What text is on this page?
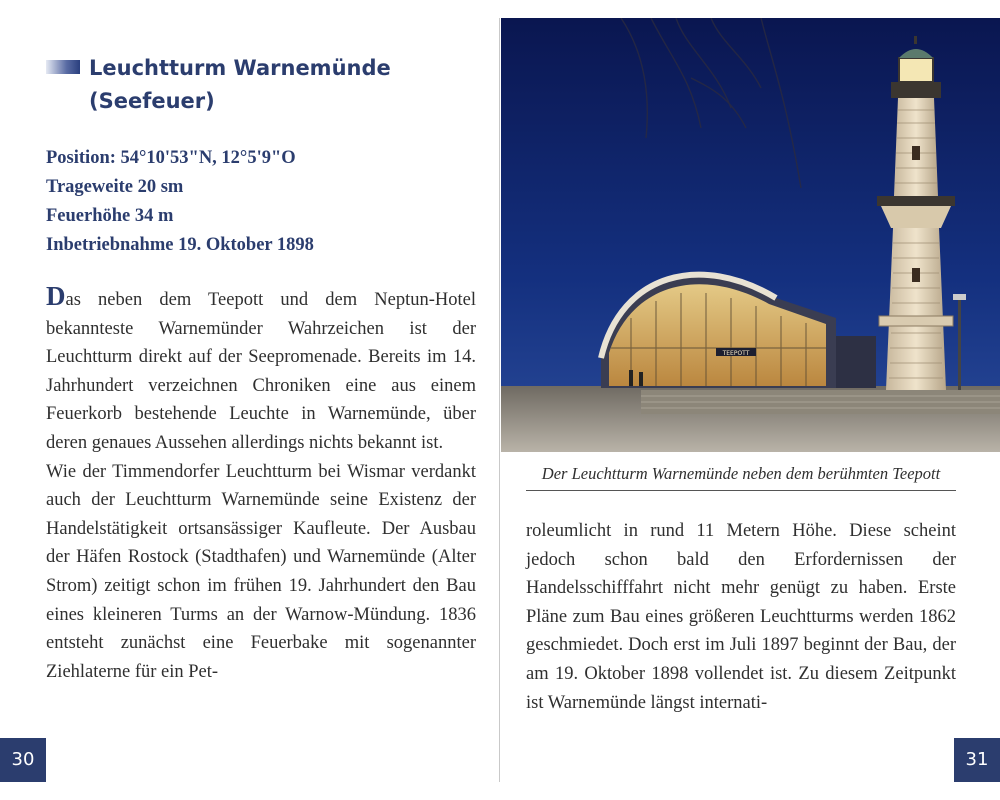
Leuchtturm Warnemünde
(Seefeuer)

Position: 54°10'53"N, 12°5'9"O
Trageweite 20 sm
Feuerhöhe 34 m
Inbetriebnahme 19. Oktober 1898

Das neben dem Teepott und dem Neptun-Hotel bekannteste Warnemünder Wahrzeichen ist der Leuchtturm direkt auf der Seepromenade. Bereits im 14. Jahrhundert verzeichnen Chroniken eine aus einem Feuerkorb bestehende Leuchte in Warnemünde, über deren genaues Aussehen allerdings nichts bekannt ist.

Wie der Timmendorfer Leuchtturm bei Wismar verdankt auch der Leuchtturm Warnemünde seine Existenz der Handelstätigkeit ortsansässiger Kaufleute. Der Ausbau der Häfen Rostock (Stadthafen) und Warnemünde (Alter Strom) zeitigt schon im frühen 19. Jahrhundert den Bau eines kleineren Turms an der Warnow-Mündung. 1836 entsteht zunächst eine Feuerbake mit sogenannter Ziehlaterne für ein Pet-

30
TEEPOTT
Der Leuchtturm Warnemünde neben dem berühmten Teepott

roleumlicht in rund 11 Metern Höhe. Diese scheint jedoch schon bald den Erfordernissen der Handelsschifffahrt nicht mehr genügt zu haben. Erste Pläne zum Bau eines größeren Leuchtturms werden 1862 geschmiedet. Doch erst im Juli 1897 beginnt der Bau, der am 19. Oktober 1898 vollendet ist. Zu diesem Zeitpunkt ist Warnemünde längst internati-

31
